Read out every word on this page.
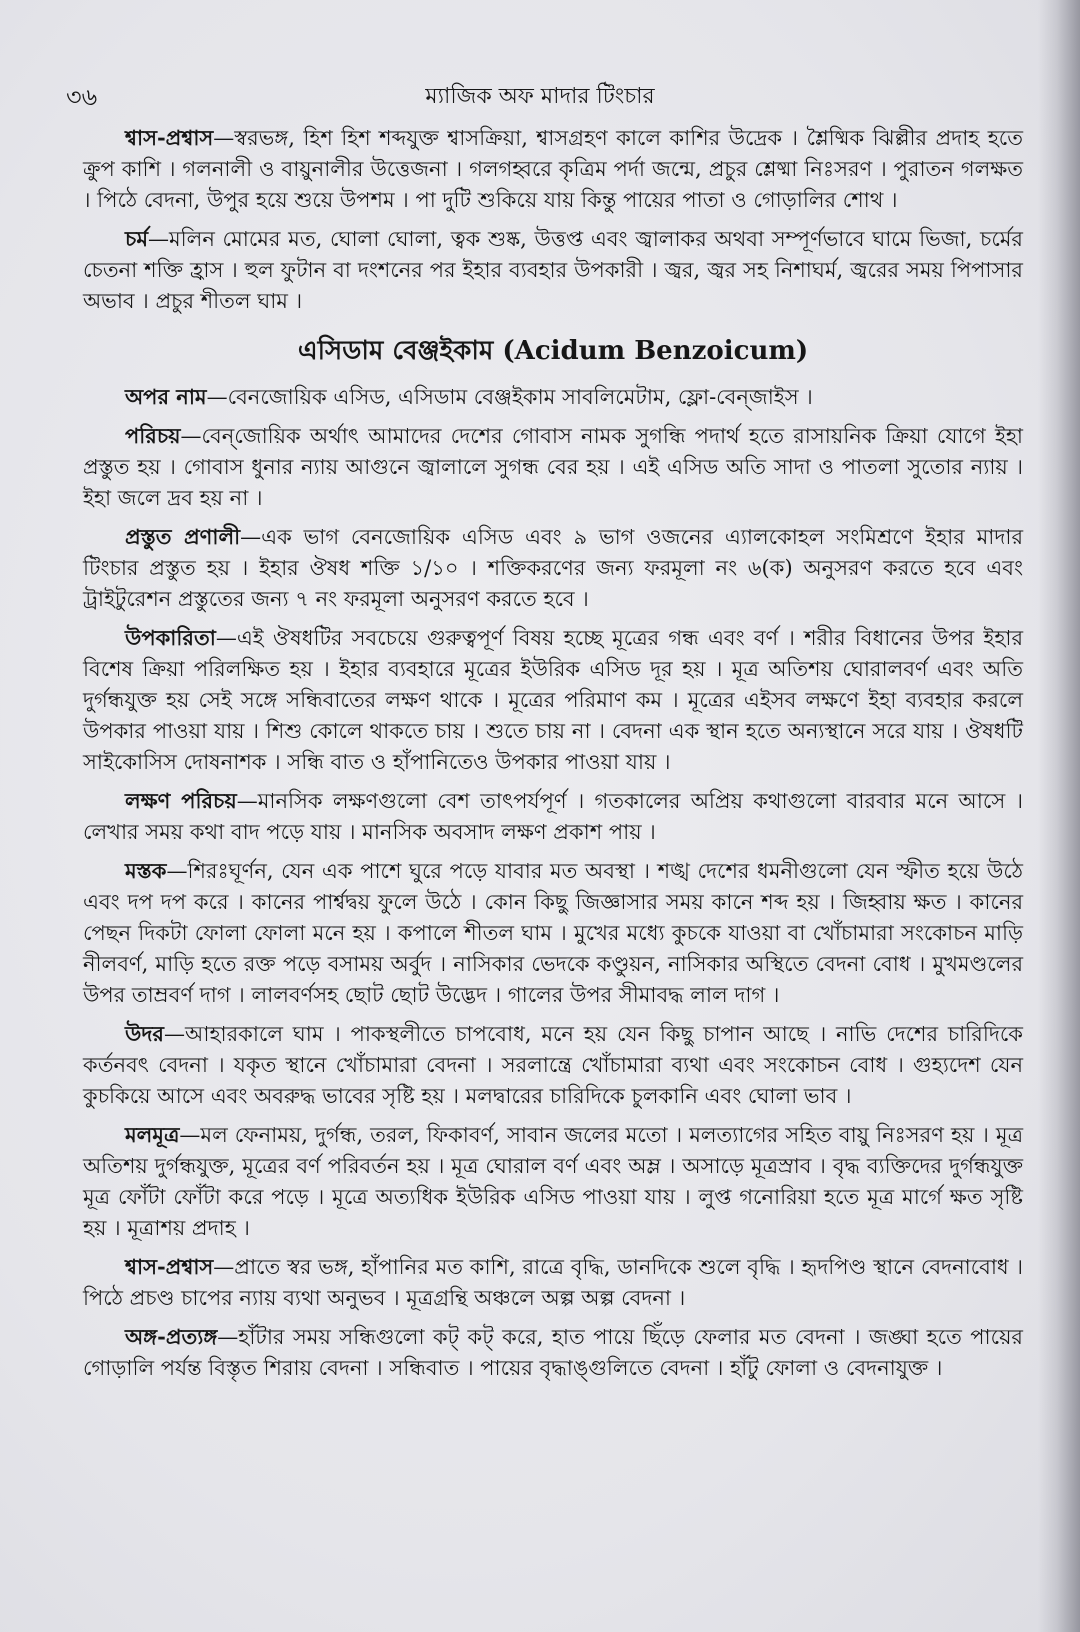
৩৬	ম্যাজিক অফ মাদার টিংচার

শ্বাস-প্রশ্বাস—স্বরভঙ্গ, হিশ হিশ শব্দযুক্ত শ্বাসক্রিয়া, শ্বাসগ্রহণ কালে কাশির উদ্রেক । শ্লৈষ্মিক ঝিল্লীর প্রদাহ হতে ক্রুপ কাশি । গলনালী ও বায়ুনালীর উত্তেজনা । গলগহ্বরে কৃত্রিম পর্দা জন্মে, প্রচুর শ্লেষ্মা নিঃসরণ । পুরাতন গলক্ষত । পিঠে বেদনা, উপুর হয়ে শুয়ে উপশম । পা দুটি শুকিয়ে যায় কিন্তু পায়ের পাতা ও গোড়ালির শোথ ।

চর্ম—মলিন মোমের মত, ঘোলা ঘোলা, ত্বক শুষ্ক, উত্তপ্ত এবং জ্বালাকর অথবা সম্পূর্ণভাবে ঘামে ভিজা, চর্মের চেতনা শক্তি হ্রাস । হুল ফুটান বা দংশনের পর ইহার ব্যবহার উপকারী । জ্বর, জ্বর সহ নিশাঘর্ম, জ্বরের সময় পিপাসার অভাব । প্রচুর শীতল ঘাম ।

এসিডাম বেঞ্জইকাম (Acidum Benzoicum)

অপর নাম—বেনজোয়িক এসিড, এসিডাম বেঞ্জইকাম সাবলিমেটাম, ফ্লো-বেন্‌জাইস ।

পরিচয়—বেন্‌জোয়িক অর্থাৎ আমাদের দেশের গোবাস নামক সুগন্ধি পদার্থ হতে রাসায়নিক ক্রিয়া যোগে ইহা প্রস্তুত হয় । গোবাস ধুনার ন্যায় আগুনে জ্বালালে সুগন্ধ বের হয় । এই এসিড অতি সাদা ও পাতলা সুতোর ন্যায় । ইহা জলে দ্রব হয় না ।

প্রস্তুত প্রণালী—এক ভাগ বেনজোয়িক এসিড এবং ৯ ভাগ ওজনের এ্যালকোহল সংমিশ্রণে ইহার মাদার টিংচার প্রস্তুত হয় । ইহার ঔষধ শক্তি ১/১০ । শক্তিকরণের জন্য ফরমূলা নং ৬(ক) অনুসরণ করতে হবে এবং ট্রাইটুরেশন প্রস্তুতের জন্য ৭ নং ফরমূলা অনুসরণ করতে হবে ।

উপকারিতা—এই ঔষধটির সবচেয়ে গুরুত্বপূর্ণ বিষয় হচ্ছে মূত্রের গন্ধ এবং বর্ণ । শরীর বিধানের উপর ইহার বিশেষ ক্রিয়া পরিলক্ষিত হয় । ইহার ব্যবহারে মূত্রের ইউরিক এসিড দূর হয় । মূত্র অতিশয় ঘোরালবর্ণ এবং অতি দুর্গন্ধযুক্ত হয় সেই সঙ্গে সন্ধিবাতের লক্ষণ থাকে । মূত্রের পরিমাণ কম । মূত্রের এইসব লক্ষণে ইহা ব্যবহার করলে উপকার পাওয়া যায় । শিশু কোলে থাকতে চায় । শুতে চায় না । বেদনা এক স্থান হতে অন্যস্থানে সরে যায় । ঔষধটি সাইকোসিস দোষনাশক । সন্ধি বাত ও হাঁপানিতেও উপকার পাওয়া যায় ।

লক্ষণ পরিচয়—মানসিক লক্ষণগুলো বেশ তাৎপর্যপূর্ণ । গতকালের অপ্রিয় কথাগুলো বারবার মনে আসে । লেখার সময় কথা বাদ পড়ে যায় । মানসিক অবসাদ লক্ষণ প্রকাশ পায় ।

মস্তক—শিরঃঘূর্ণন, যেন এক পাশে ঘুরে পড়ে যাবার মত অবস্থা । শঙ্খ দেশের ধমনীগুলো যেন স্ফীত হয়ে উঠে এবং দপ দপ করে । কানের পার্শ্বদ্বয় ফুলে উঠে । কোন কিছু জিজ্ঞাসার সময় কানে শব্দ হয় । জিহ্বায় ক্ষত । কানের পেছন দিকটা ফোলা ফোলা মনে হয় । কপালে শীতল ঘাম । মুখের মধ্যে কুচকে যাওয়া বা খোঁচামারা সংকোচন মাড়ি নীলবর্ণ, মাড়ি হতে রক্ত পড়ে বসাময় অর্বুদ । নাসিকার ভেদকে কণ্ডুয়ন, নাসিকার অস্থিতে বেদনা বোধ । মুখমণ্ডলের উপর তাম্রবর্ণ দাগ । লালবর্ণসহ ছোট ছোট উদ্ভেদ । গালের উপর সীমাবদ্ধ লাল দাগ ।

উদর—আহারকালে ঘাম । পাকস্থলীতে চাপবোধ, মনে হয় যেন কিছু চাপান আছে । নাভি দেশের চারিদিকে কর্তনবৎ বেদনা । যকৃত স্থানে খোঁচামারা বেদনা । সরলান্ত্রে খোঁচামারা ব্যথা এবং সংকোচন বোধ । গুহ্যদেশ যেন কুচকিয়ে আসে এবং অবরুদ্ধ ভাবের সৃষ্টি হয় । মলদ্বারের চারিদিকে চুলকানি এবং ঘোলা ভাব ।

মলমূত্র—মল ফেনাময়, দুর্গন্ধ, তরল, ফিকাবর্ণ, সাবান জলের মতো । মলত্যাগের সহিত বায়ু নিঃসরণ হয় । মূত্র অতিশয় দুর্গন্ধযুক্ত, মূত্রের বর্ণ পরিবর্তন হয় । মূত্র ঘোরাল বর্ণ এবং অম্ল । অসাড়ে মূত্রস্রাব । বৃদ্ধ ব্যক্তিদের দুর্গন্ধযুক্ত মূত্র ফোঁটা ফোঁটা করে পড়ে । মূত্রে অত্যধিক ইউরিক এসিড পাওয়া যায় । লুপ্ত গনোরিয়া হতে মূত্র মার্গে ক্ষত সৃষ্টি হয় । মূত্রাশয় প্রদাহ ।

শ্বাস-প্রশ্বাস—প্রাতে স্বর ভঙ্গ, হাঁপানির মত কাশি, রাত্রে বৃদ্ধি, ডানদিকে শুলে বৃদ্ধি । হৃদপিণ্ড স্থানে বেদনাবোধ । পিঠে প্রচণ্ড চাপের ন্যায় ব্যথা অনুভব । মূত্রগ্রন্থি অঞ্চলে অল্প অল্প বেদনা ।

অঙ্গ-প্রত্যঙ্গ—হাঁটার সময় সন্ধিগুলো কট্ কট্ করে, হাত পায়ে ছিঁড়ে ফেলার মত বেদনা । জঙ্ঘা হতে পায়ের গোড়ালি পর্যন্ত বিস্তৃত শিরায় বেদনা । সন্ধিবাত । পায়ের বৃদ্ধাঙ্গুলিতে বেদনা । হাঁটু ফোলা ও বেদনাযুক্ত ।
